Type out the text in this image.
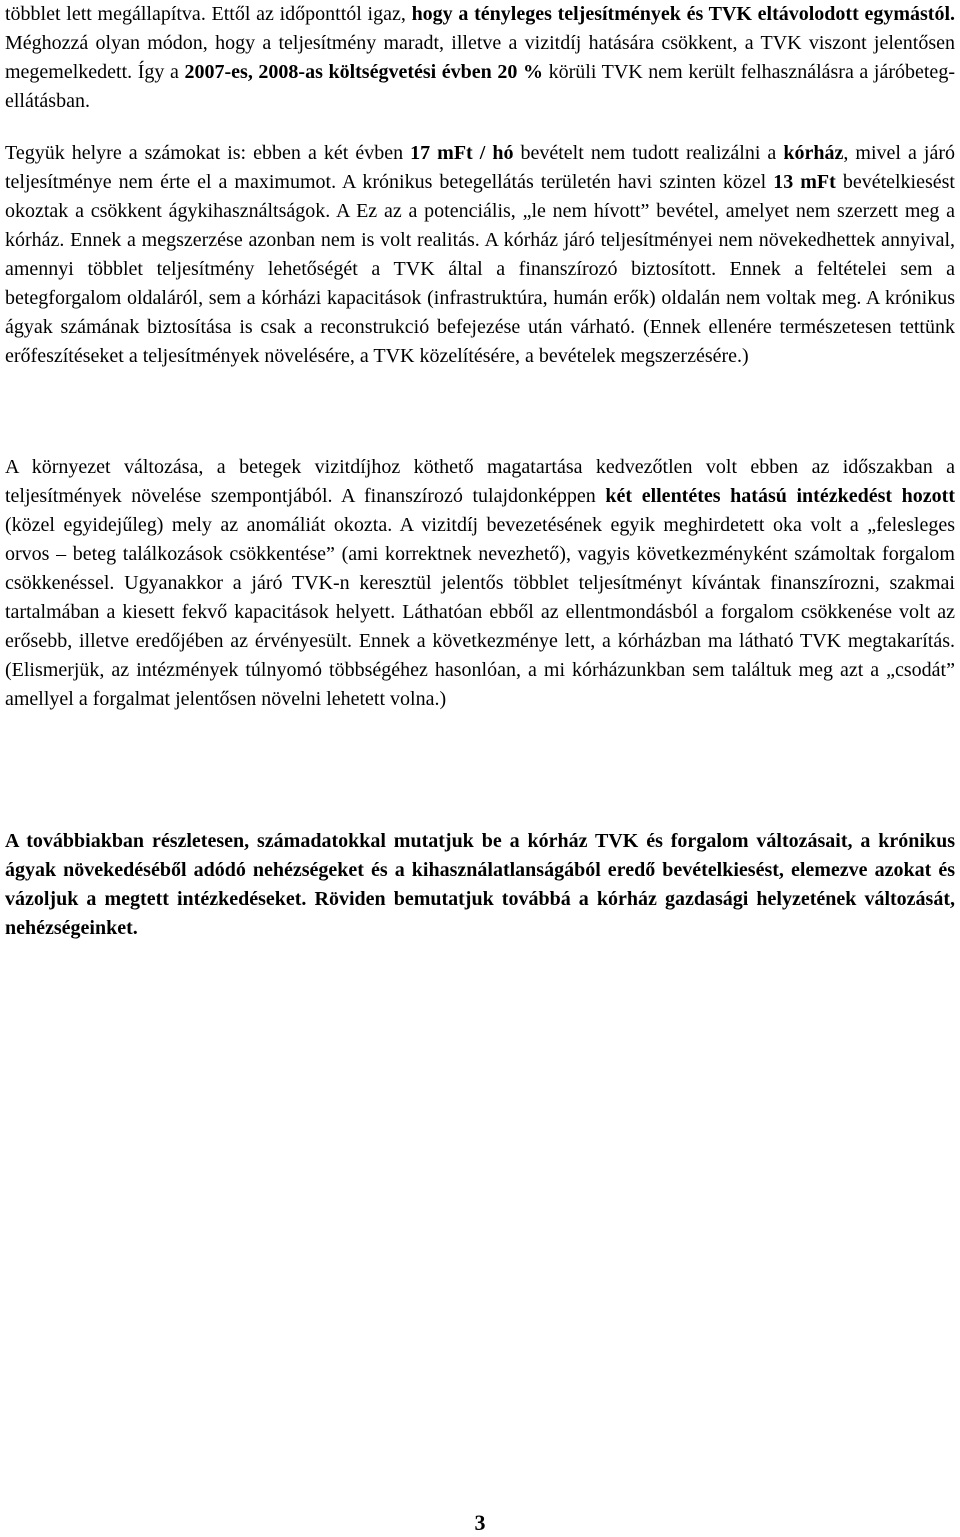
többlet lett megállapítva. Ettől az időponttól igaz, hogy a tényleges teljesítmények és TVK eltávolodott egymástól. Méghozzá olyan módon, hogy a teljesítmény maradt, illetve a vizitdíj hatására csökkent, a TVK viszont jelentősen megemelkedett. Így a 2007-es, 2008-as költségvetési évben 20 % körüli TVK nem került felhasználásra a járóbeteg-ellátásban.

Tegyük helyre a számokat is: ebben a két évben 17 mFt / hó bevételt nem tudott realizálni a kórház, mivel a járó teljesítménye nem érte el a maximumot. A krónikus betegellátás területén havi szinten közel 13 mFt bevételkiesést okoztak a csökkent ágykihasználtságok. A Ez az a potenciális, „le nem hívott” bevétel, amelyet nem szerzett meg a kórház. Ennek a megszerzése azonban nem is volt realitás. A kórház járó teljesítményei nem növekedhettek annyival, amennyi többlet teljesítmény lehetőségét a TVK által a finanszírozó biztosított. Ennek a feltételei sem a betegforgalom oldaláról, sem a kórházi kapacitások (infrastruktúra, humán erők) oldalán nem voltak meg. A krónikus ágyak számának biztosítása is csak a reconstrukció befejezése után várható. (Ennek ellenére természetesen tettünk erőfeszítéseket a teljesítmények növelésére, a TVK közelítésére, a bevételek megszerzésére.)

A környezet változása, a betegek vizitdíjhoz köthető magatartása kedvezőtlen volt ebben az időszakban a teljesítmények növelése szempontjából. A finanszírozó tulajdonképpen két ellentétes hatású intézkedést hozott (közel egyidejűleg) mely az anomáliát okozta. A vizitdíj bevezetésének egyik meghirdetett oka volt a „felesleges orvos – beteg találkozások csökkentése” (ami korrektnek nevezhető), vagyis következményként számoltak forgalom csökkenéssel. Ugyanakkor a járó TVK-n keresztül jelentős többlet teljesítményt kívántak finanszírozni, szakmai tartalmában a kiesett fekvő kapacitások helyett. Láthatóan ebből az ellentmondásból a forgalom csökkenése volt az erősebb, illetve eredőjében az érvényesült. Ennek a következménye lett, a kórházban ma látható TVK megtakarítás. (Elismerjük, az intézmények túlnyomó többségéhez hasonlóan, a mi kórházunkban sem találtuk meg azt a „csodát” amellyel a forgalmat jelentősen növelni lehetett volna.)

A továbbiakban részletesen, számadatokkal mutatjuk be a kórház TVK és forgalom változásait, a krónikus ágyak növekedéséből adódó nehézségeket és a kihasználatlanságából eredő bevételkiesést, elemezve azokat és vázoljuk a megtett intézkedéseket. Röviden bemutatjuk továbbá a kórház gazdasági helyzetének változását, nehézségeinket.

3
